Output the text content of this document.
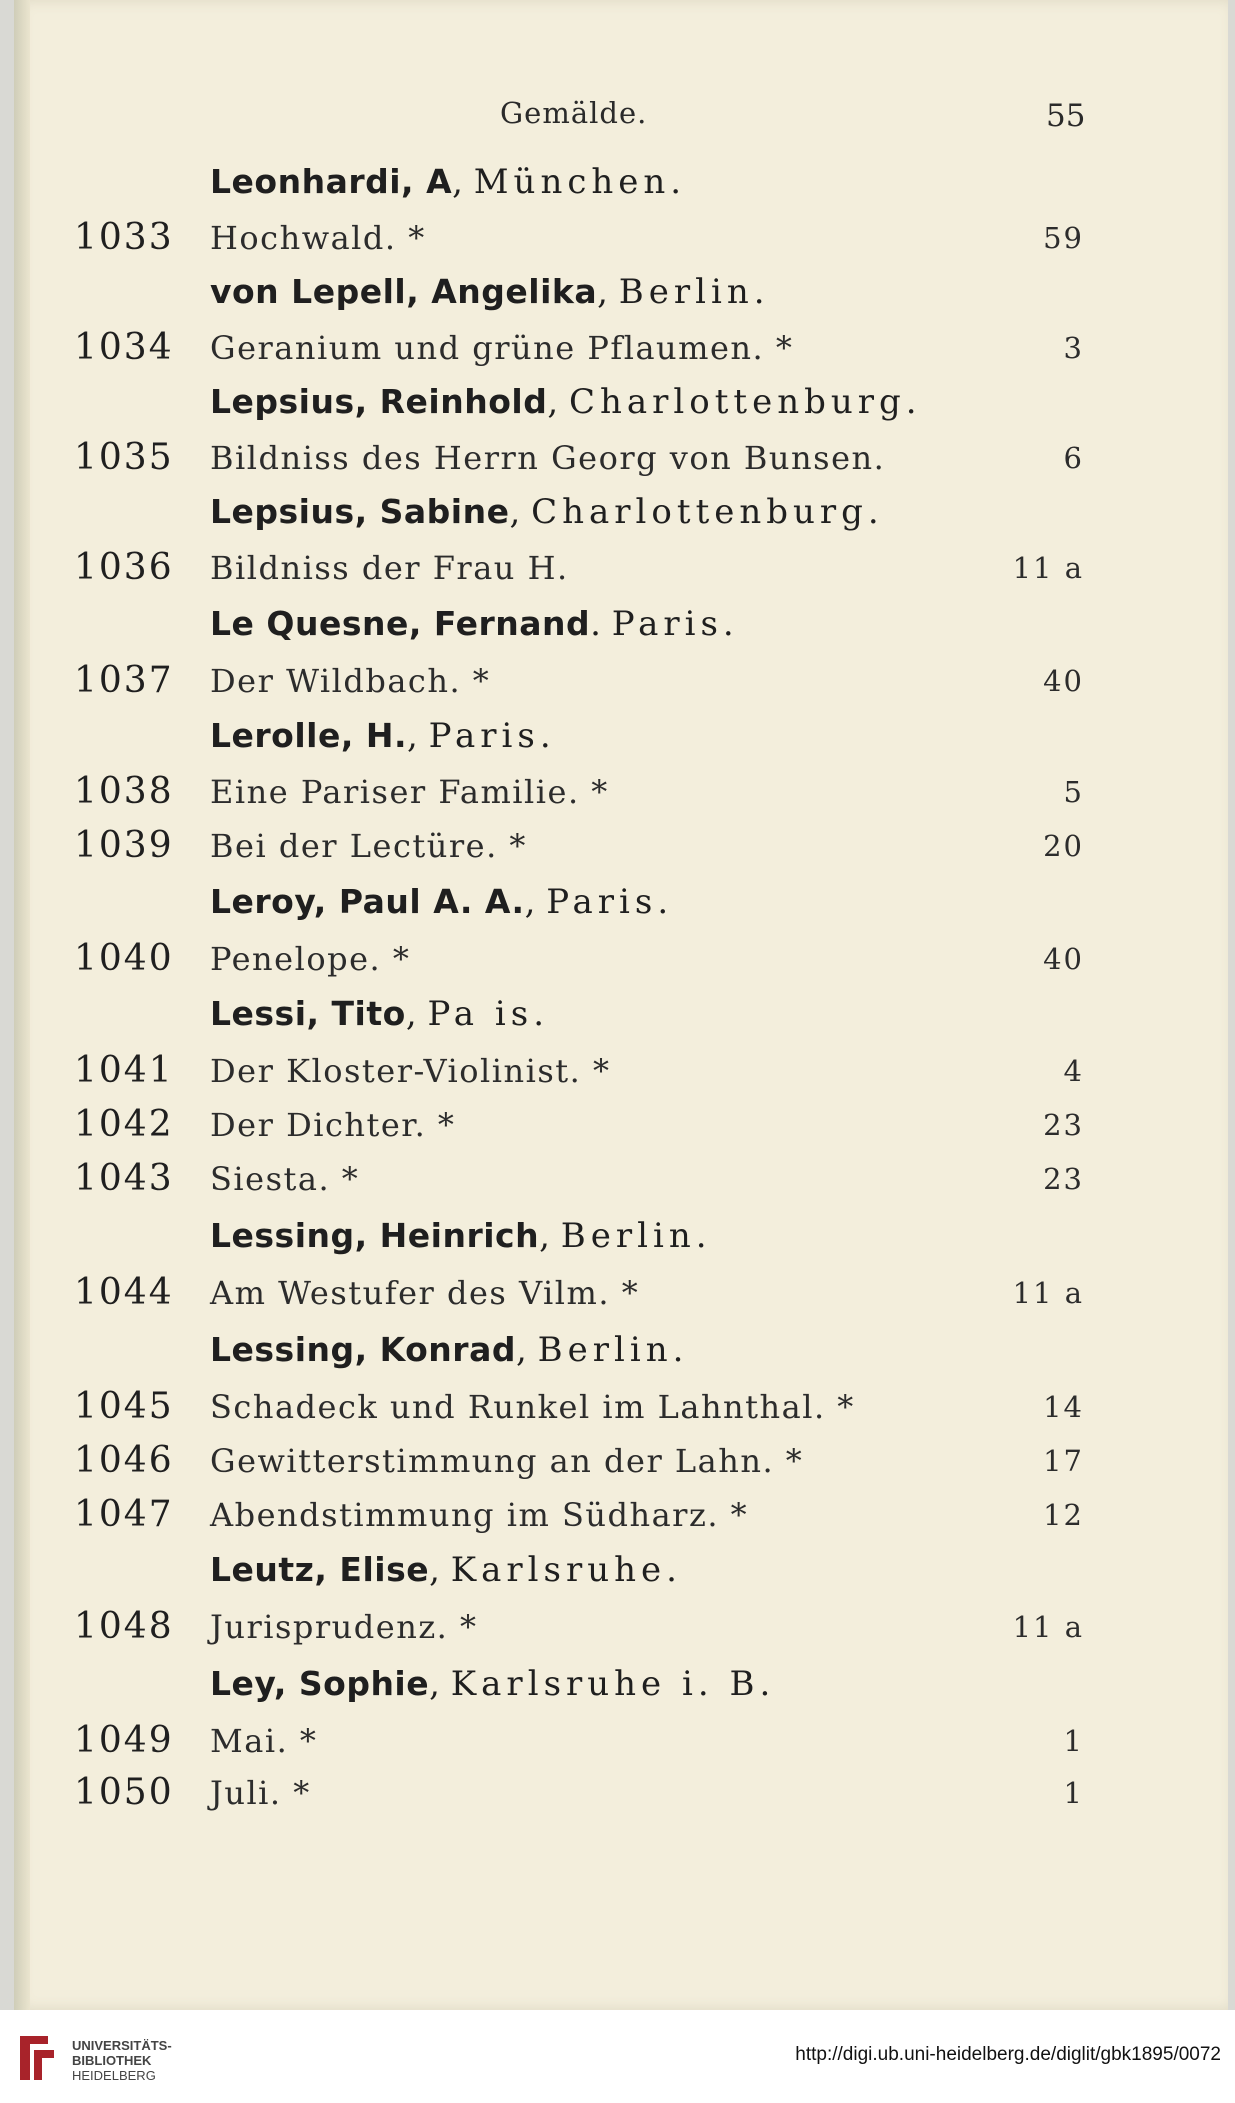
Gemälde.	55
Leonhardi, A, München.
1033 Hochwald. *	59
von Lepell, Angelika, Berlin.
1034 Geranium und grüne Pflaumen. *	3
Lepsius, Reinhold, Charlottenburg.
1035 Bildniss des Herrn Georg von Bunsen.	6
Lepsius, Sabine, Charlottenburg.
1036 Bildniss der Frau H.	11 a
Le Quesne, Fernand. Paris.
1037 Der Wildbach. *	40
Lerolle, H., Paris.
1038 Eine Pariser Familie. *	5
1039 Bei der Lectüre. *	20
Leroy, Paul A. A., Paris.
1040 Penelope. *	40
Lessi, Tito, Pa is.
1041 Der Kloster-Violinist. *	4
1042 Der Dichter. *	23
1043 Siesta. *	23
Lessing, Heinrich, Berlin.
1044 Am Westufer des Vilm. *	11 a
Lessing, Konrad, Berlin.
1045 Schadeck und Runkel im Lahnthal. *	14
1046 Gewitterstimmung an der Lahn. *	17
1047 Abendstimmung im Südharz. *	12
Leutz, Elise, Karlsruhe.
1048 Jurisprudenz. *	11 a
Ley, Sophie, Karlsruhe i. B.
1049 Mai. *	1
1050 Juli. *	1
UNIVERSITÄTS-
BIBLIOTHEK
HEIDELBERG
http://digi.ub.uni-heidelberg.de/diglit/gbk1895/0072
